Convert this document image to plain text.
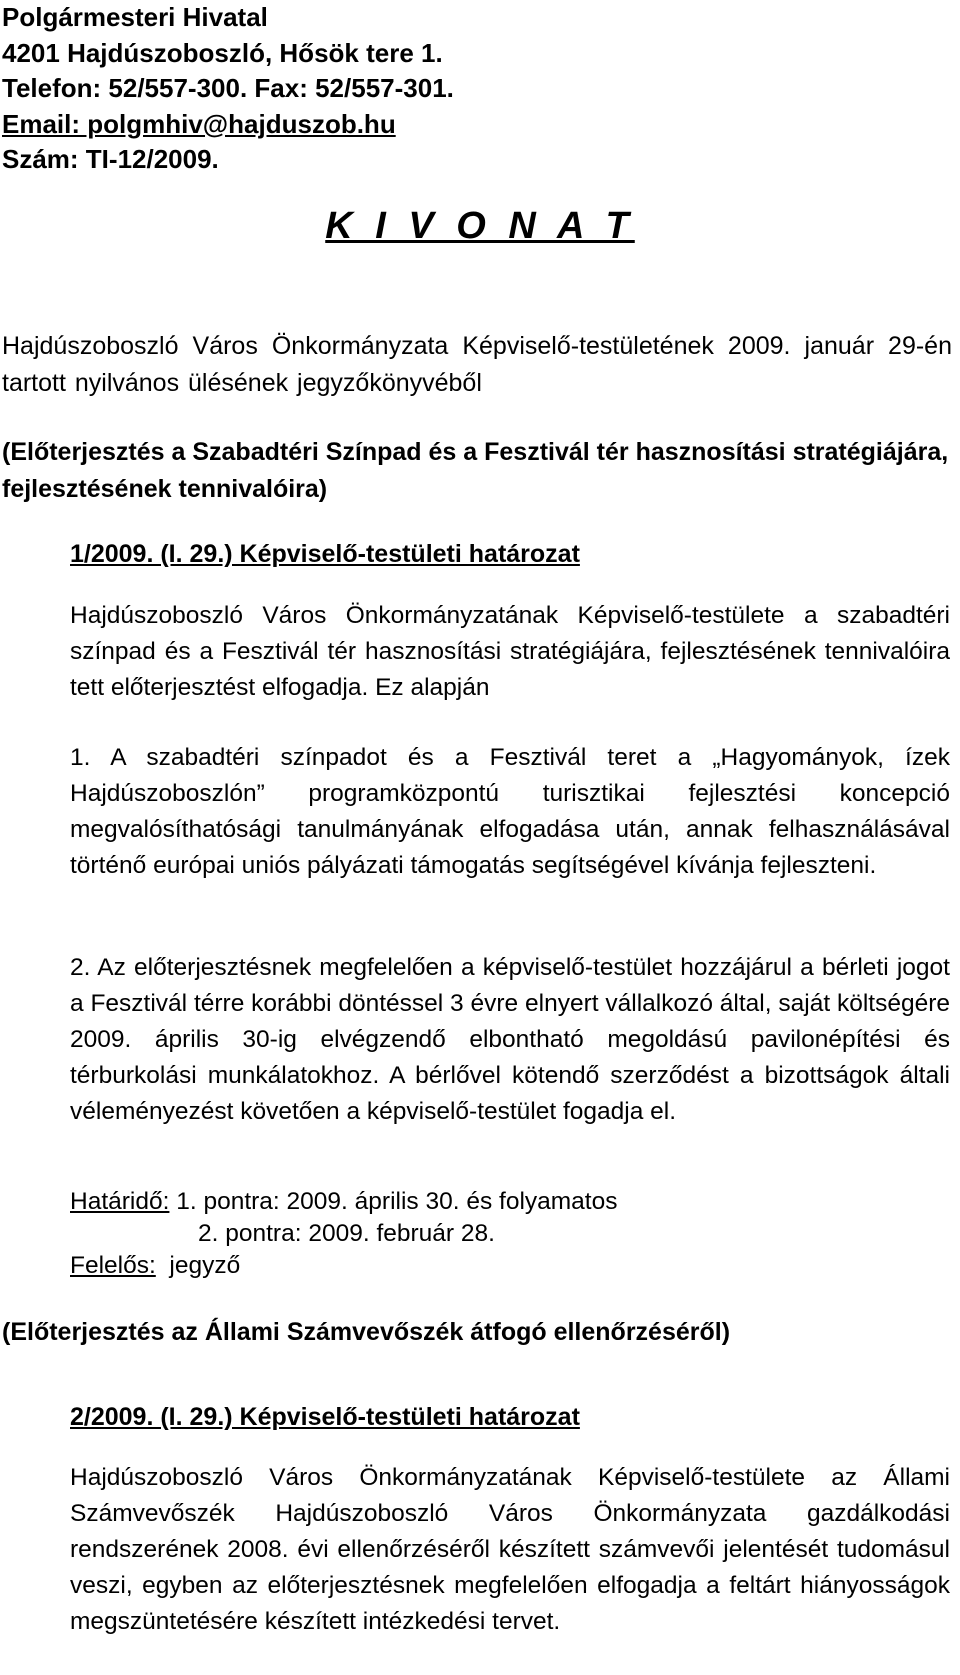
Polgármesteri Hivatal
4201 Hajdúszoboszló, Hősök tere 1.
Telefon: 52/557-300. Fax: 52/557-301.
Email: polgmhiv@hajduszob.hu
Szám: TI-12/2009.
K I V O N A T

Hajdúszoboszló Város Önkormányzata Képviselő-testületének 2009. január 29-én tartott nyilvános ülésének jegyzőkönyvéből

(Előterjesztés a Szabadtéri Színpad és a Fesztivál tér hasznosítási stratégiájára, fejlesztésének tennivalóira)

1/2009. (I. 29.) Képviselő-testületi határozat

Hajdúszoboszló Város Önkormányzatának Képviselő-testülete a szabadtéri színpad és a Fesztivál tér hasznosítási stratégiájára, fejlesztésének tennivalóira tett előterjesztést elfogadja. Ez alapján

1. A szabadtéri színpadot és a Fesztivál teret a „Hagyományok, ízek Hajdúszoboszlón” programközpontú turisztikai fejlesztési koncepció megvalósíthatósági tanulmányának elfogadása után, annak felhasználásával történő európai uniós pályázati támogatás segítségével kívánja fejleszteni.

2. Az előterjesztésnek megfelelően a képviselő-testület hozzájárul a bérleti jogot a Fesztivál térre korábbi döntéssel 3 évre elnyert vállalkozó által, saját költségére 2009. április 30-ig elvégzendő elbontható megoldású pavilonépítési és térburkolási munkálatokhoz. A bérlővel kötendő szerződést a bizottságok általi véleményezést követően a képviselő-testület fogadja el.

Határidő: 1. pontra: 2009. április 30. és folyamatos
2. pontra: 2009. február 28.
Felelős:  jegyző

(Előterjesztés az Állami Számvevőszék átfogó ellenőrzéséről)

2/2009. (I. 29.) Képviselő-testületi határozat

Hajdúszoboszló Város Önkormányzatának Képviselő-testülete az Állami Számvevőszék Hajdúszoboszló Város Önkormányzata gazdálkodási rendszerének 2008. évi ellenőrzéséről készített számvevői jelentését tudomásul veszi, egyben az előterjesztésnek megfelelően elfogadja a feltárt hiányosságok megszüntetésére készített intézkedési tervet.
